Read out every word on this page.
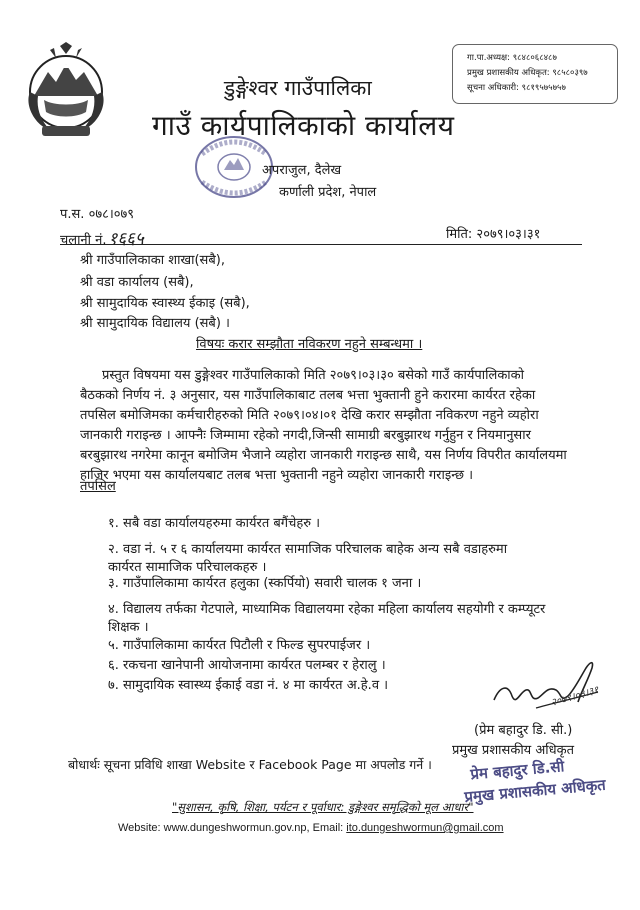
डुङ्गेश्वर गाउँपालिका
गाउँ कार्यपालिकाको कार्यालय
अपराजुल, दैलेख
कर्णाली प्रदेश, नेपाल
गा.पा.अध्यक्ष: ९८४८०६८४८७
प्रमुख प्रशासकीय अधिकृत: ९८५८०३९७
सूचना अधिकारी: ९८१९५७५७५७
प.स. ०७८।०७९
चलानी नं. १६६५	मिति: २०७९।०३।३१
श्री गाउँपालिकाका शाखा(सबै),
श्री वडा कार्यालय (सबै),
श्री सामुदायिक स्वास्थ्य ईकाइ (सबै),
श्री सामुदायिक विद्यालय (सबै) ।
विषयः करार सम्झौता नविकरण नहुने सम्बन्धमा ।
प्रस्तुत विषयमा यस डुङ्गेश्वर गाउँपालिकाको मिति २०७९।०३।३० बसेको गाउँ कार्यपालिकाको
बैठकको निर्णय नं. ३ अनुसार, यस गाउँपालिकाबाट तलब भत्ता भुक्तानी हुने करारमा कार्यरत रहेका
तपसिल बमोजिमका कर्मचारीहरुको मिति २०७९।०४।०१ देखि करार सम्झौता नविकरण नहुने व्यहोरा
जानकारी गराइन्छ । आफ्नैः जिम्मामा रहेको नगदी,जिन्सी सामाग्री बरबुझारथ गर्नुहुन र नियमानुसार
बरबुझारथ नगरेमा कानून बमोजिम भैजाने व्यहोरा जानकारी गराइन्छ साथै, यस निर्णय विपरीत कार्यालयमा
हाजिर भएमा यस कार्यालयबाट तलब भत्ता भुक्तानी नहुने व्यहोरा जानकारी गराइन्छ ।
तपसिल
१. सबै वडा कार्यालयहरुमा कार्यरत बगैंचेहरु ।
२. वडा नं. ५ र ६ कार्यालयमा कार्यरत सामाजिक परिचालक बाहेक अन्य सबै वडाहरुमा
कार्यरत सामाजिक परिचालकहरु ।
३. गाउँपालिकामा कार्यरत हलुका (स्कर्पियो) सवारी चालक १ जना ।
४. विद्यालय तर्फका गेटपाले, माध्यामिक विद्यालयमा रहेका महिला कार्यालय सहयोगी र कम्प्यूटर
शिक्षक ।
५. गाउँपालिकामा कार्यरत पिटौली र फिल्ड सुपरपाईजर ।
६. रकचना खानेपानी आयोजनामा कार्यरत पलम्बर र हेरालु ।
७. सामुदायिक स्वास्थ्य ईकाई वडा नं. ४ मा कार्यरत अ.हे.व ।	२०७९।०३।३१
(प्रेम बहादुर डि. सी.)
प्रमुख प्रशासकीय अधिकृत
प्रेम बहादुर डि.सी
प्रमुख प्रशासकीय अधिकृत
बोधार्थः सूचना प्रविधि शाखा Website र Facebook Page मा अपलोड गर्ने ।
"सुशासन, कृषि, शिक्षा, पर्यटन र पूर्वाधार: डुङ्गेश्वर समृद्धिको मूल आधार"
Website: www.dungeshwormun.gov.np, Email: ito.dungeshwormun@gmail.com
